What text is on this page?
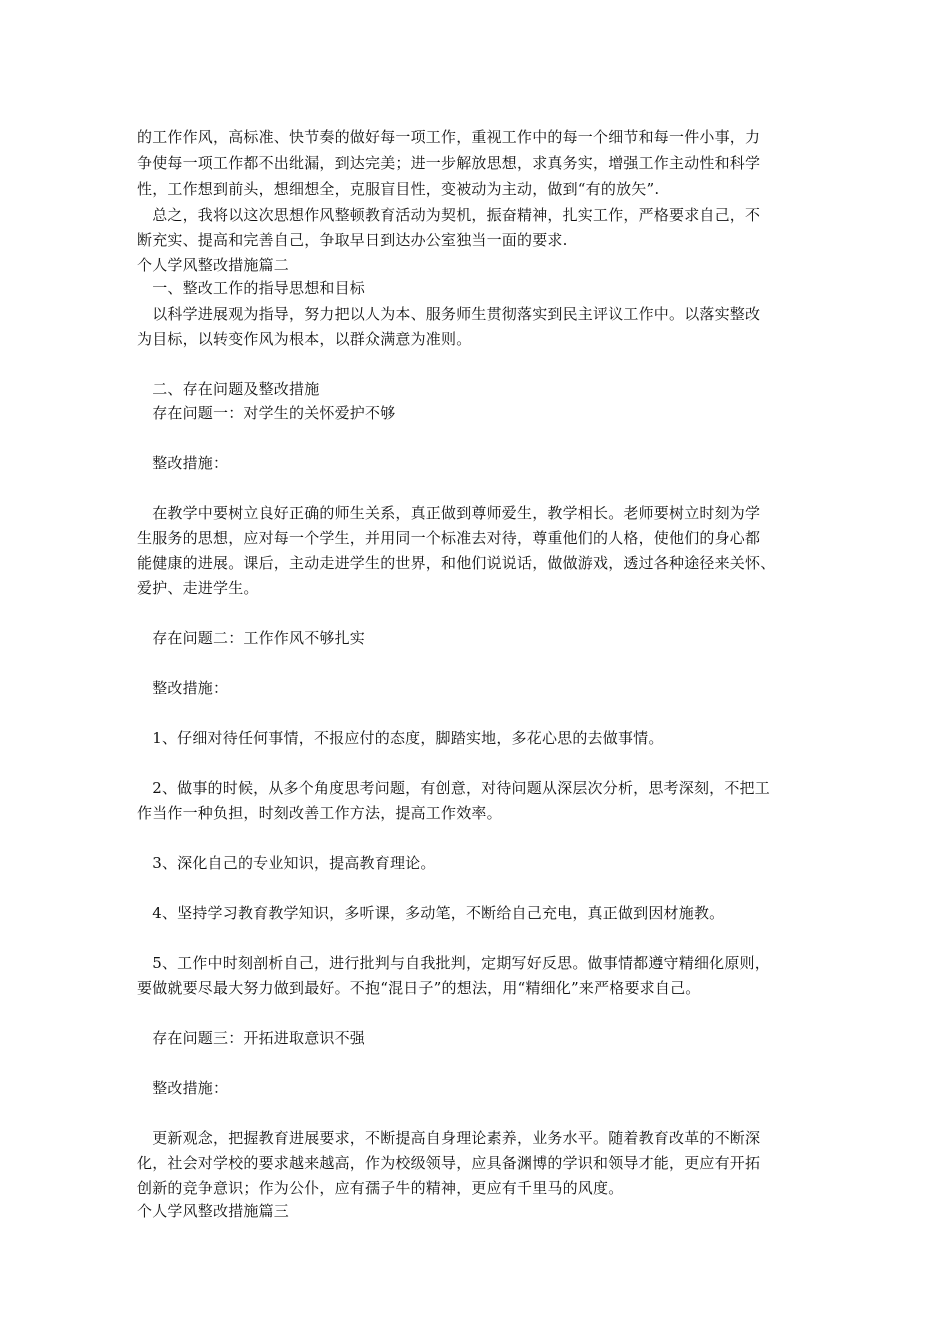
的工作作风，高标准、快节奏的做好每一项工作，重视工作中的每一个细节和每一件小事，力
争使每一项工作都不出纰漏，到达完美；进一步解放思想，求真务实，增强工作主动性和科学
性，工作想到前头，想细想全，克服盲目性，变被动为主动，做到“有的放矢”.
　总之，我将以这次思想作风整顿教育活动为契机，振奋精神，扎实工作，严格要求自己，不
断充实、提高和完善自己，争取早日到达办公室独当一面的要求.
个人学风整改措施篇二
　一、整改工作的指导思想和目标
　以科学进展观为指导，努力把以人为本、服务师生贯彻落实到民主评议工作中。以落实整改
为目标，以转变作风为根本，以群众满意为准则。
　二、存在问题及整改措施
　存在问题一：对学生的关怀爱护不够
　整改措施：
　在教学中要树立良好正确的师生关系，真正做到尊师爱生，教学相长。老师要树立时刻为学
生服务的思想，应对每一个学生，并用同一个标准去对待，尊重他们的人格，使他们的身心都
能健康的进展。课后，主动走进学生的世界，和他们说说话，做做游戏，透过各种途径来关怀、
爱护、走进学生。
　存在问题二：工作作风不够扎实
　整改措施：
　1、仔细对待任何事情，不报应付的态度，脚踏实地，多花心思的去做事情。
　2、做事的时候，从多个角度思考问题，有创意，对待问题从深层次分析，思考深刻，不把工
作当作一种负担，时刻改善工作方法，提高工作效率。
　3、深化自己的专业知识，提高教育理论。
　4、坚持学习教育教学知识，多听课，多动笔，不断给自己充电，真正做到因材施教。
　5、工作中时刻剖析自己，进行批判与自我批判，定期写好反思。做事情都遵守精细化原则，
要做就要尽最大努力做到最好。不抱“混日子”的想法，用“精细化”来严格要求自己。
　存在问题三：开拓进取意识不强
　整改措施：
　更新观念，把握教育进展要求，不断提高自身理论素养，业务水平。随着教育改革的不断深
化，社会对学校的要求越来越高，作为校级领导，应具备渊博的学识和领导才能，更应有开拓
创新的竞争意识；作为公仆，应有孺子牛的精神，更应有千里马的风度。
个人学风整改措施篇三
